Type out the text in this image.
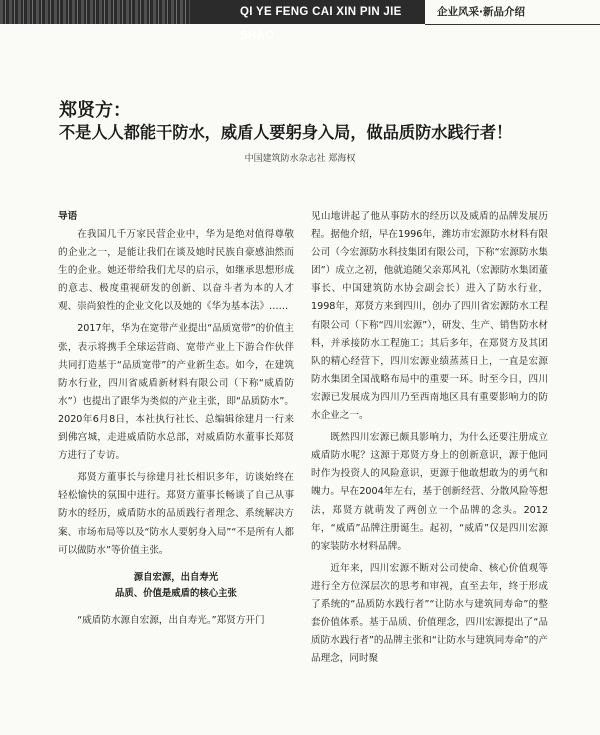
QI YE FENG CAI XIN PIN JIE SHAO
企业风采·新品介绍
郑贤方：
不是人人都能干防水，威盾人要躬身入局，做品质防水践行者！
中国建筑防水杂志社 郑海权
导语

在我国几千万家民营企业中，华为是绝对值得尊敬的企业之一，是能让我们在谈及她时民族自豪感油然而生的企业。她还带给我们尤尽的启示，如继承思想形成的意志、极度重视研发的创新、以奋斗者为本的人才观、崇尚狼性的企业文化以及她的《华为基本法》……

2017年，华为在宽带产业提出“品质宽带”的价值主张，表示将携手全球运营商、宽带产业上下游合作伙伴共同打造基于“品质宽带”的产业新生态。如今，在建筑防水行业，四川省威盾新材料有限公司（下称“威盾防水”）也提出了跟华为类似的产业主张，即“品质防水”。2020年6月8日，本社执行社长、总编辑徐建月一行来到佛宫城，走进威盾防水总部，对威盾防水董事长郑贤方进行了专访。

郑贤方董事长与徐建月社长相识多年，访谈始终在轻松愉快的氛围中进行。郑贤方董事长畅谈了自己从事防水的经历，威盾防水的品质践行者理念、系统解决方案、市场布局等以及“防水人要躬身入局”“不是所有人都可以做防水”等价值主张。

源自宏源，出自寿光
品质、价值是威盾的核心主张

“威盾防水源自宏源，出自寿光。”郑贤方开门

见山地讲起了他从事防水的经历以及威盾的品牌发展历程。据他介绍，早在1996年，潍坊市宏源防水材料有限公司（今宏源防水科技集团有限公司，下称“宏源防水集团”）成立之初，他就追随父亲郑风礼（宏源防水集团董事长、中国建筑防水协会副会长）进入了防水行业，1998年，郑贤方来到四川，创办了四川省宏源防水工程有限公司（下称“四川宏源”），研发、生产、销售防水材料，并承接防水工程施工；其后多年，在郑贤方及其团队的精心经营下，四川宏源业绩蒸蒸日上，一直是宏源防水集团全国战略布局中的重要一环。时至今日，四川宏源已发展成为四川乃至西南地区具有重要影响力的防水企业之一。

既然四川宏源已颇具影响力，为什么还要注册成立威盾防水呢？这源于郑贤方身上的创新意识，源于他同时作为投资人的风险意识，更源于他敢想敢为的勇气和魄力。早在2004年左右，基于创新经营、分散风险等想法，郑贤方就萌发了两创立一个品牌的念头。2012年，“威盾”品牌注册诞生。起初，“威盾”仅是四川宏源的家装防水材料品牌。

近年来，四川宏源不断对公司使命、核心价值观等进行全方位深层次的思考和审视，直至去年，终于形成了系统的“品质防水践行者”“让防水与建筑同寿命”的整套价值体系。基于品质、价值理念，四川宏源提出了“品质防水践行者”的品牌主张和“让防水与建筑同寿命”的产品理念，同时聚
